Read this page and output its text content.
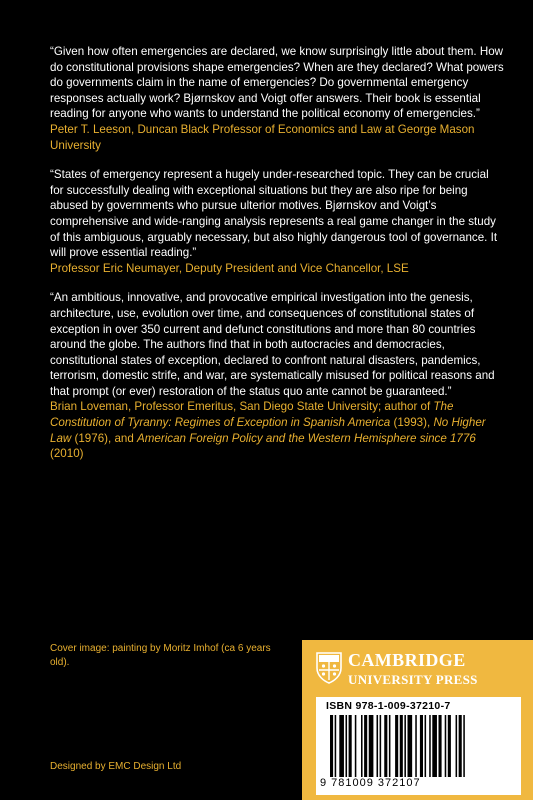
“Given how often emergencies are declared, we know surprisingly little about them. How do constitutional provisions shape emergencies? When are they declared? What powers do governments claim in the name of emergencies? Do governmental emergency responses actually work? Bjørnskov and Voigt offer answers. Their book is essential reading for anyone who wants to understand the political economy of emergencies.”

Peter T. Leeson, Duncan Black Professor of Economics and Law at George Mason University

“States of emergency represent a hugely under-researched topic. They can be crucial for successfully dealing with exceptional situations but they are also ripe for being abused by governments who pursue ulterior motives. Bjørnskov and Voigt’s comprehensive and wide-ranging analysis represents a real game changer in the study of this ambiguous, arguably necessary, but also highly dangerous tool of governance. It will prove essential reading.”

Professor Eric Neumayer, Deputy President and Vice Chancellor, LSE

“An ambitious, innovative, and provocative empirical investigation into the genesis, architecture, use, evolution over time, and consequences of constitutional states of exception in over 350 current and defunct constitutions and more than 80 countries around the globe. The authors find that in both autocracies and democracies, constitutional states of exception, declared to confront natural disasters, pandemics, terrorism, domestic strife, and war, are systematically misused for political reasons and that prompt (or ever) restoration of the status quo ante cannot be guaranteed.”

Brian Loveman, Professor Emeritus, San Diego State University; author of The Constitution of Tyranny: Regimes of Exception in Spanish America (1993), No Higher Law (1976), and American Foreign Policy and the Western Hemisphere since 1776 (2010)

Cover image: painting by Moritz Imhof (ca 6 years old).
Designed by EMC Design Ltd
CAMBRIDGE
UNIVERSITY PRESS
ISBN 978-1-009-37210-7
9 781009 372107
